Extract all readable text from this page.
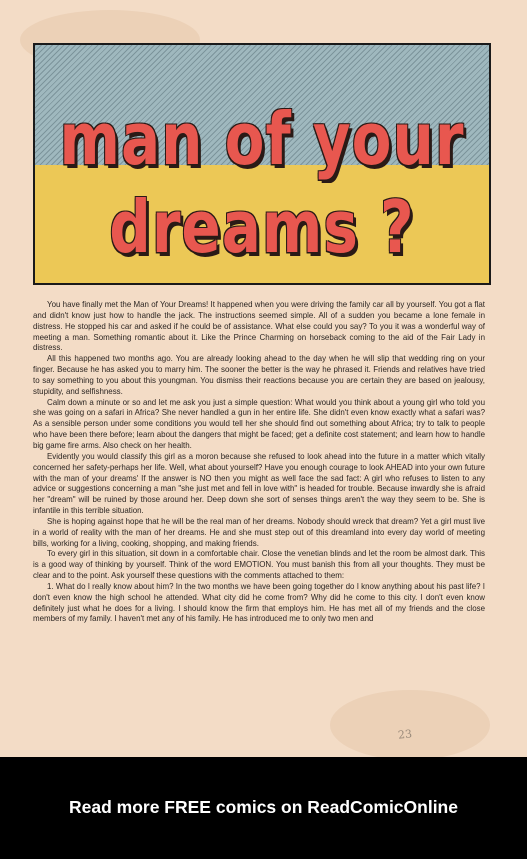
man of your
dreams ?

You have finally met the Man of Your Dreams! It happened when you were driving the family car all by yourself. You got a flat and didn't know just how to handle the jack. The instructions seemed simple. All of a sudden you became a lone female in distress. He stopped his car and asked if he could be of assistance. What else could you say? To you it was a wonderful way of meeting a man. Something romantic about it. Like the Prince Charming on horseback coming to the aid of the Fair Lady in distress.

All this happened two months ago. You are already looking ahead to the day when he will slip that wedding ring on your finger. Because he has asked you to marry him. The sooner the better is the way he phrased it. Friends and relatives have tried to say something to you about this youngman. You dismiss their reactions because you are certain they are based on jealousy, stupidity, and selfishness.

Calm down a minute or so and let me ask you just a simple question: What would you think about a young girl who told you she was going on a safari in Africa? She never handled a gun in her entire life. She didn't even know exactly what a safari was? As a sensible person under some conditions you would tell her she should find out something about Africa; try to talk to people who have been there before; learn about the dangers that might be faced; get a definite cost statement; and learn how to handle big game fire arms. Also check on her health.

Evidently you would classify this girl as a moron because she refused to look ahead into the future in a matter which vitally concerned her safety-perhaps her life. Well, what about yourself? Have you enough courage to look AHEAD into your own future with the man of your dreams' If the answer is NO then you might as well face the sad fact: A girl who refuses to listen to any advice or suggestions concerning a man "she just met and fell in love with" is headed for trouble. Because inwardly she is afraid her "dream" will be ruined by those around her. Deep down she sort of senses things aren't the way they seem to be. She is infantile in this terrible situation.

She is hoping against hope that he will be the real man of her dreams. Nobody should wreck that dream? Yet a girl must live in a world of reality with the man of her dreams. He and she must step out of this dreamland into every day world of meeting bills, working for a living, cooking, shopping, and making friends.

To every girl in this situation, sit down in a comfortable chair. Close the venetian blinds and let the room be almost dark. This is a good way of thinking by yourself. Think of the word EMOTION. You must banish this from all your thoughts. They must be clear and to the point. Ask yourself these questions with the comments attached to them:

1. What do I really know about him? In the two months we have been going together do I know anything about his past life? I don't even know the high school he attended. What city did he come from? Why did he come to this city. I don't even know definitely just what he does for a living. I should know the firm that employs him. He has met all of my friends and the close members of my family. I haven't met any of his family. He has introduced me to only two men and

23
Read more FREE comics on ReadComicOnline
